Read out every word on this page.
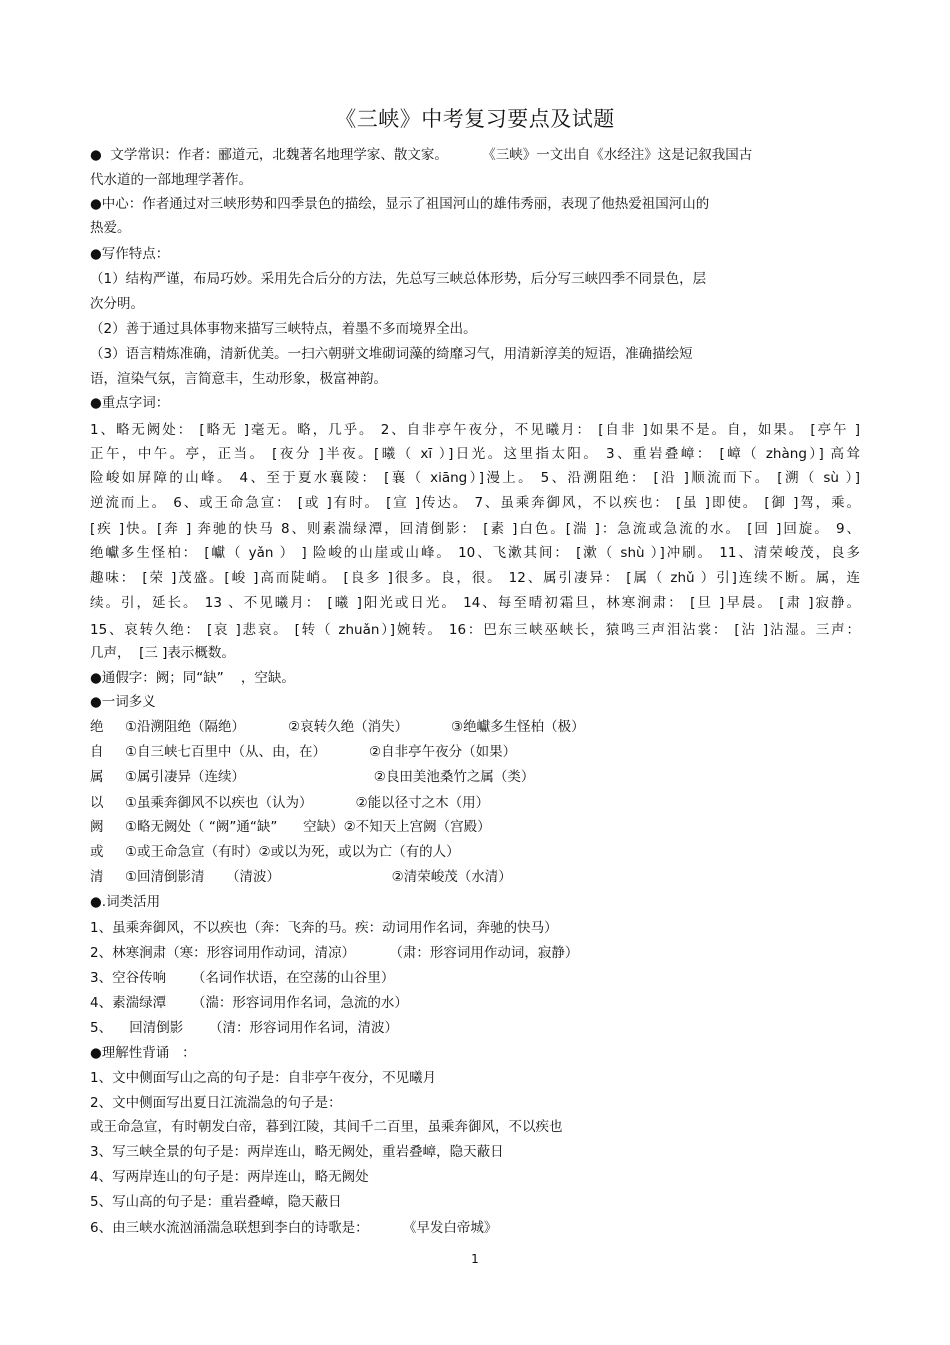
《三峡》中考复习要点及试题
●  文学常识：作者：郦道元，北魏著名地理学家、散文家。        《三峡》一文出自《水经注》这是记叙我国古
代水道的一部地理学著作。
●中心：作者通过对三峡形势和四季景色的描绘，显示了祖国河山的雄伟秀丽，表现了他热爱祖国河山的
热爱。
●写作特点：
（1）结构严谨，布局巧妙。采用先合后分的方法，先总写三峡总体形势，后分写三峡四季不同景色，层
次分明。
（2）善于通过具体事物来描写三峡特点，着墨不多而境界全出。
（3）语言精炼准确，清新优美。一扫六朝骈文堆砌词藻的绮靡习气，用清新淳美的短语，准确描绘短
语，渲染气氛，言简意丰，生动形象，极富神韵。
●重点字词：
1、略无阙处： [略无 ]毫无。略，几乎。 2、自非亭午夜分，不见曦月： [自非 ]如果不是。自，如果。 [亭午 ]
正午，中午。亭，正当。 [夜分 ]半夜。[曦（ xī ）]日光。这里指太阳。 3、重岩叠嶂： [嶂（ zhàng）] 高耸
险峻如屏障的山峰。 4、至于夏水襄陵： [襄（ xiāng）]漫上。 5、沿溯阻绝： [沿 ]顺流而下。 [溯（ sù ）]
逆流而上。 6、或王命急宣： [或 ]有时。 [宣 ]传达。 7、虽乘奔御风，不以疾也： [虽 ]即使。 [御 ]驾，乘。
[疾 ]快。[奔 ] 奔驰的快马 8、则素湍绿潭，回清倒影： [素 ]白色。[湍 ]：急流或急流的水。 [回 ]回旋。 9、
绝巘多生怪柏： [巘（ yǎn ） ] 险峻的山崖或山峰。 10、飞漱其间： [漱（ shù ）]冲刷。 11、清荣峻茂，良多
趣味： [荣 ]茂盛。[峻 ]高而陡峭。 [良多 ]很多。良，很。 12、属引凄异： [属（ zhǔ ）引]连续不断。属，连
续。引，延长。 13 、不见曦月： [曦 ]阳光或日光。 14、每至晴初霜旦，林寒涧肃： [旦 ]早晨。 [肃 ]寂静。
15、哀转久绝： [哀 ]悲哀。 [转（ zhuǎn）]婉转。 16：巴东三峡巫峡长，猿鸣三声泪沾裳： [沾 ]沾湿。三声：
几声，  [三 ]表示概数。
●通假字：阙；同“缺”    ，空缺。
●一词多义
绝     ①沿溯阻绝（隔绝）          ②哀转久绝（消失）          ③绝巘多生怪柏（极）
自     ①自三峡七百里中（从、由，在）          ②自非亭午夜分（如果）
属     ①属引凄异（连续）                              ②良田美池桑竹之属（类）
以     ①虽乘奔御风不以疾也（认为）          ②能以径寸之木（用）
阙     ①略无阙处（ “阙”通“缺”      空缺）②不知天上宫阙（宫殿）
或     ①或王命急宣（有时）②或以为死，或以为亡（有的人）
清     ①回清倒影清     （清波）                          ②清荣峻茂（水清）
●.词类活用
1、虽乘奔御风，不以疾也（奔：飞奔的马。疾：动词用作名词，奔驰的快马）
2、林寒涧肃（寒：形容词用作动词，清凉）        （肃：形容词用作动词，寂静）
3、空谷传响      （名词作状语，在空荡的山谷里）
4、素湍绿潭      （湍：形容词用作名词，急流的水）
5、    回清倒影      （清：形容词用作名词，清波）
●理解性背诵   ：
1、文中侧面写山之高的句子是：自非亭午夜分，不见曦月
2、文中侧面写出夏日江流湍急的句子是：
或王命急宣，有时朝发白帝，暮到江陵，其间千二百里，虽乘奔御风，不以疾也
3、写三峡全景的句子是：两岸连山，略无阙处，重岩叠嶂，隐天蔽日
4、写两岸连山的句子是：两岸连山，略无阙处
5、写山高的句子是：重岩叠嶂，隐天蔽日
6、由三峡水流汹涌湍急联想到李白的诗歌是：        《早发白帝城》
1
